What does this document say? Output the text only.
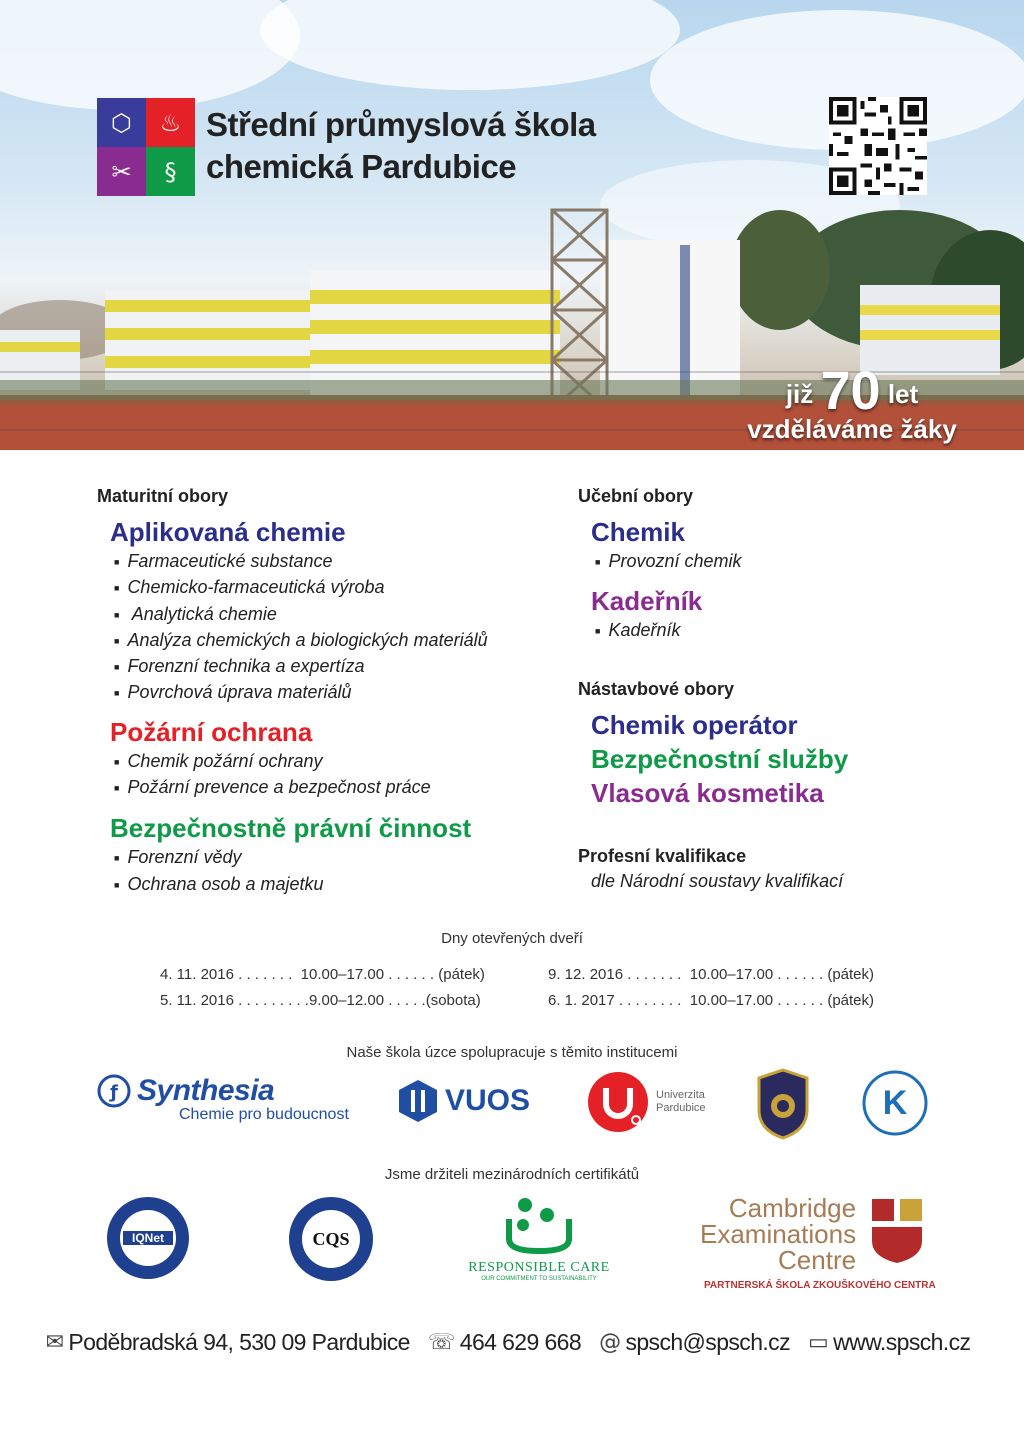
⬡	♨
✂	§
Střední průmyslová škola
chemická Pardubice
již 70 let
vzděláváme žáky
Maturitní obory
Aplikovaná chemie
■ Farmaceutické substance
■ Chemicko-farmaceutická výroba
■ Analytická chemie
■ Analýza chemických a biologických materiálů
■ Forenzní technika a expertíza
■ Povrchová úprava materiálů
Požární ochrana
■ Chemik požární ochrany
■ Požární prevence a bezpečnost práce
Bezpečnostně právní činnost
■ Forenzní vědy
■ Ochrana osob a majetku
Učební obory
Chemik
■ Provozní chemik
Kadeřník
■ Kadeřník
Nástavbové obory
Chemik operátor
Bezpečnostní služby
Vlasová kosmetika
Profesní kvalifikace
dle Národní soustavy kvalifikací
Dny otevřených dveří
4. 11. 2016 . . . . . . .  10.00–17.00 . . . . . . (pátek)
5. 11. 2016 . . . . . . . . .9.00–12.00 . . . . .(sobota)
9. 12. 2016 . . . . . . .  10.00–17.00 . . . . . . (pátek)
6. 1. 2017 . . . . . . . .  10.00–17.00 . . . . . . (pátek)
Naše škola úzce spolupracuje s těmito institucemi
ƒ Synthesia
Chemie pro budoucnost	VUOS	Univerzita
Pardubice	K
Jsme držiteli mezinárodních certifikátů
IQNet	CQS
RESPONSIBLE CARE
OUR COMMITMENT TO SUSTAINABILITY
Cambridge
Examinations
Centre
PARTNERSKÁ ŠKOLA ZKOUŠKOVÉHO CENTRA
✉ Poděbradská 94, 530 09 Pardubice ☏ 464 629 668 @ spsch@spsch.cz ▭ www.spsch.cz
